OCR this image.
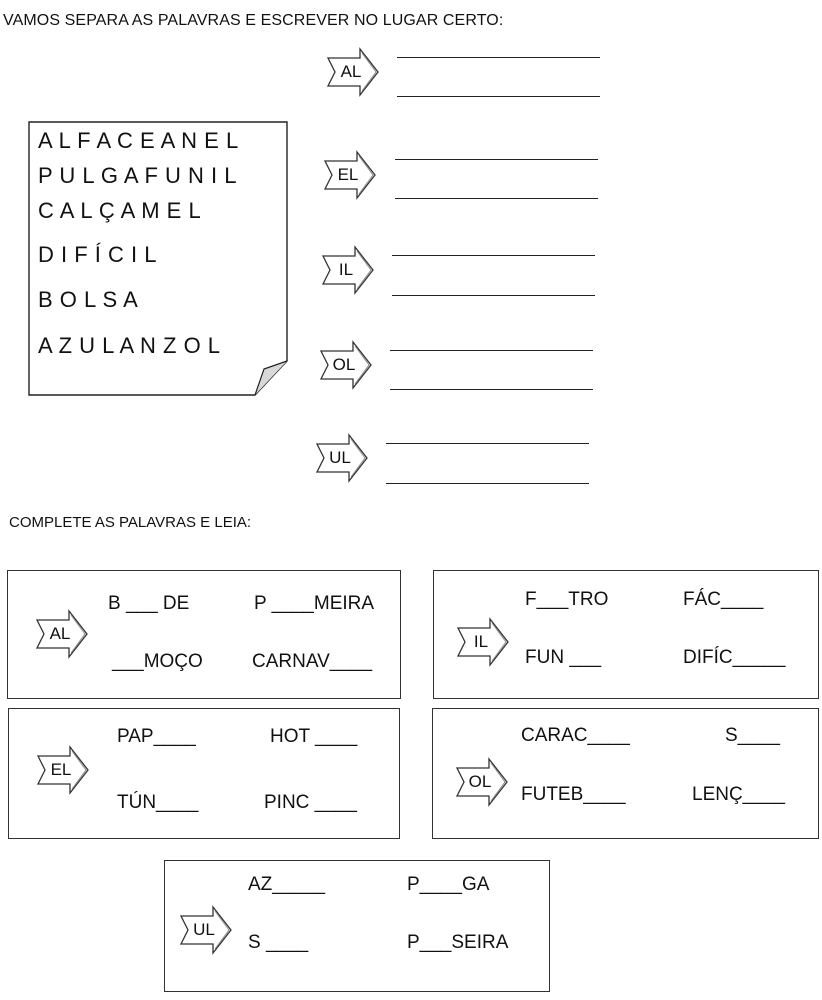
VAMOS SEPARA AS PALAVRAS E ESCREVER NO LUGAR CERTO:
A L F A C E A N E L
P U L G A F U N I L
C A L Ç A M E L
D I F Í C I L
B O L S A
A Z U L A N Z O L
AL
EL
IL
OL
UL
COMPLETE AS PALAVRAS E LEIA:
AL
B ___ DE	P ____MEIRA
___MOÇO	CARNAV____
IL
F___TRO	FÁC____
FUN ___	DIFÍC_____
EL
PAP____	HOT ____
TÚN____	PINC ____
OL
CARAC____	S____
FUTEB____	LENÇ____
UL
AZ_____	P____GA
S ____	P___SEIRA
